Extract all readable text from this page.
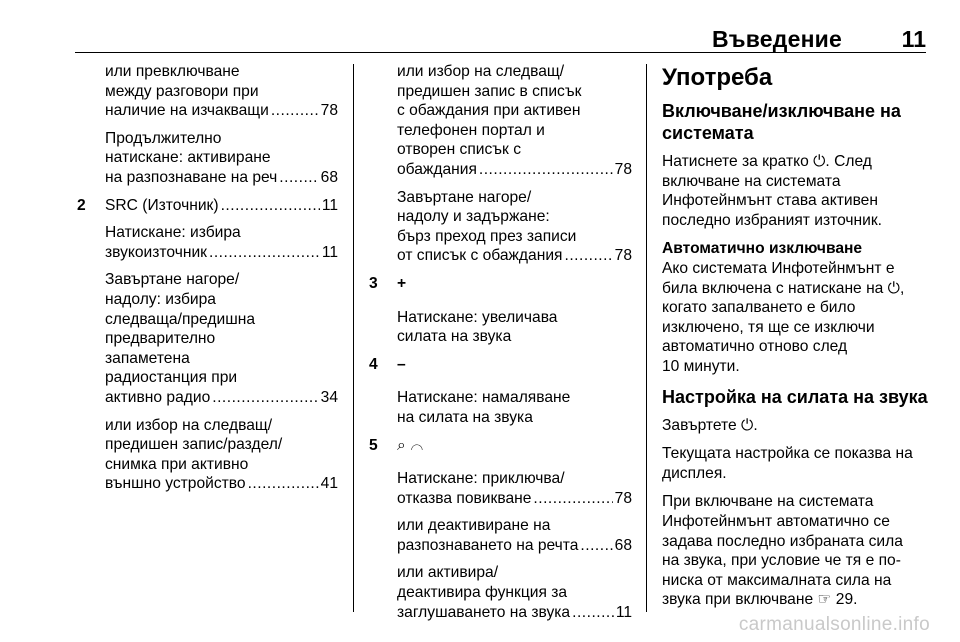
Въведение	11
или превключване
между разговори при
наличие на изчакващи .....	78
Продължително
натискане: активиране
на разпознаване на реч .....	68
2 SRC (Източник) .....	11
Натискане: избира
звукоизточник .....	11
Завъртане нагоре/
надолу: избира
следваща/предишна
предварително
запаметена
радиостанция при
активно радио .....	34
или избор на следващ/
предишен запис/раздел/
снимка при активно
външно устройство .....	41
или избор на следващ/
предишен запис в списък
с обаждания при активен
телефонен портал и
отворен списък с
обаждания .....	78
Завъртане нагоре/
надолу и задържане:
бърз преход през записи
от списък с обаждания .....	78
3 +
Натискане: увеличава
силата на звука
4 –
Натискане: намаляване
на силата на звука
5 ⌕ ⌒
Натискане: приключва/
отказва повикване .....	78
или деактивиране на
разпознаването на речта ..... 68
или активира/
деактивира функция за
заглушаването на звука .....	11
Употреба
Включване/изключване на
системата
Натиснете за кратко ⏻. След
включване на системата
Инфотейнмънт става активен
последно избраният източник.
Автоматично изключване
Ако системата Инфотейнмънт е
била включена с натискане на ⏻,
когато запалването е било
изключено, тя ще се изключи
автоматично отново след
10 минути.
Настройка на силата на звука
Завъртете ⏻.
Текущата настройка се показва на
дисплея.
При включване на системата
Инфотейнмънт автоматично се
задава последно избраната сила
на звука, при условие че тя е по-
ниска от максималната сила на
звука при включване ☞ 29.
carmanualsonline.info
